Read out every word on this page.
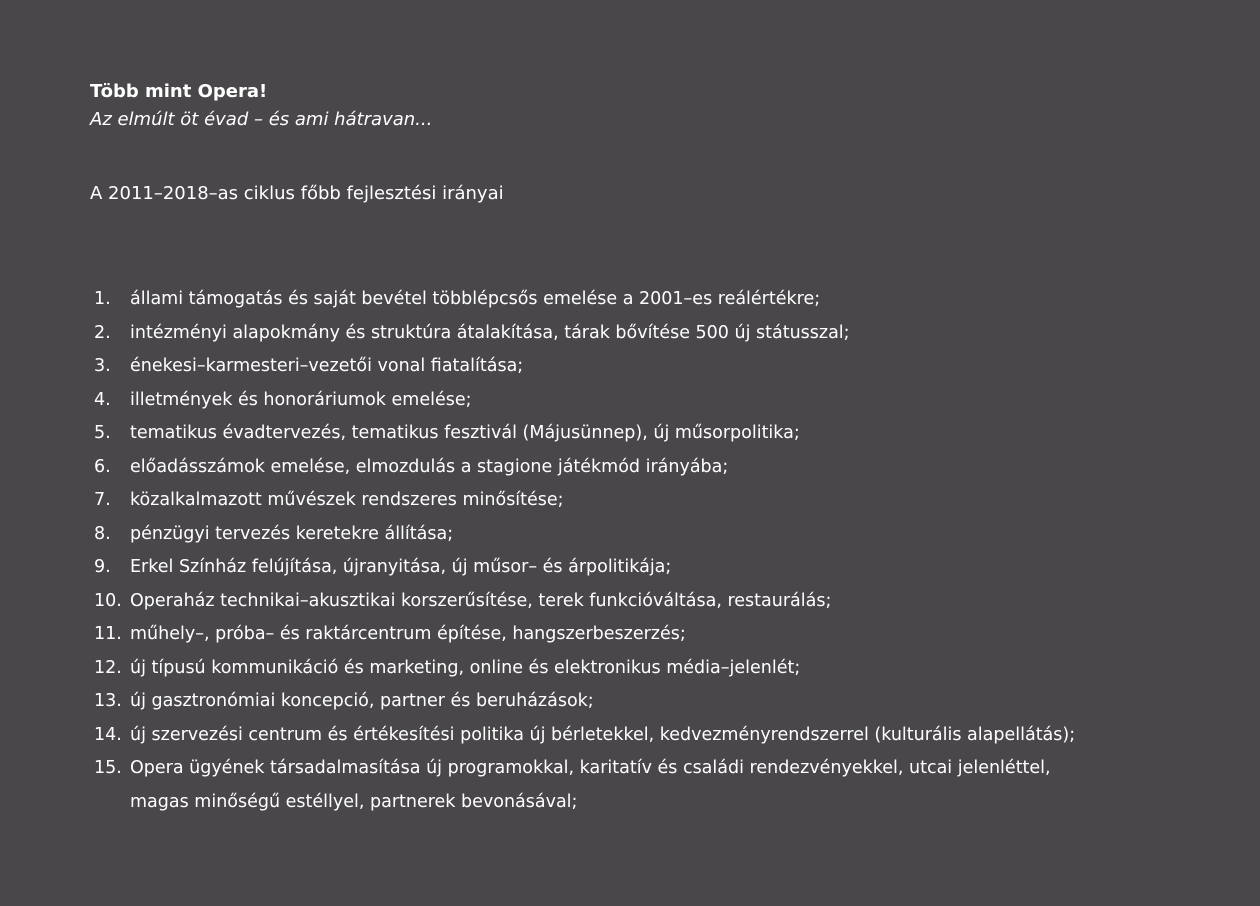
Több mint Opera!

Az elmúlt öt évad – és ami hátravan...

A 2011–2018–as ciklus főbb fejlesztési irányai

1.	állami támogatás és saját bevétel többlépcsős emelése a 2001–es reálértékre;
2.	intézményi alapokmány és struktúra átalakítása, tárak bővítése 500 új státusszal;
3.	énekesi–karmesteri–vezetői vonal fiatalítása;
4.	illetmények és honoráriumok emelése;
5.	tematikus évadtervezés, tematikus fesztivál (Májusünnep), új műsorpolitika;
6.	előadásszámok emelése, elmozdulás a stagione játékmód irányába;
7.	közalkalmazott művészek rendszeres minősítése;
8.	pénzügyi tervezés keretekre állítása;
9.	Erkel Színház felújítása, újranyitása, új műsor– és árpolitikája;
10. Operaház technikai–akusztikai korszerűsítése, terek funkcióváltása, restaurálás;
11. műhely–, próba– és raktárcentrum építése, hangszerbeszerzés;
12. új típusú kommunikáció és marketing, online és elektronikus média–jelenlét;
13. új gasztronómiai koncepció, partner és beruházások;
14. új szervezési centrum és értékesítési politika új bérletekkel, kedvezményrendszerrel (kulturális alapellátás);
15. Opera ügyének társadalmasítása új programokkal, karitatív és családi rendezvényekkel, utcai jelenléttel, magas minőségű estéllyel, partnerek bevonásával;
